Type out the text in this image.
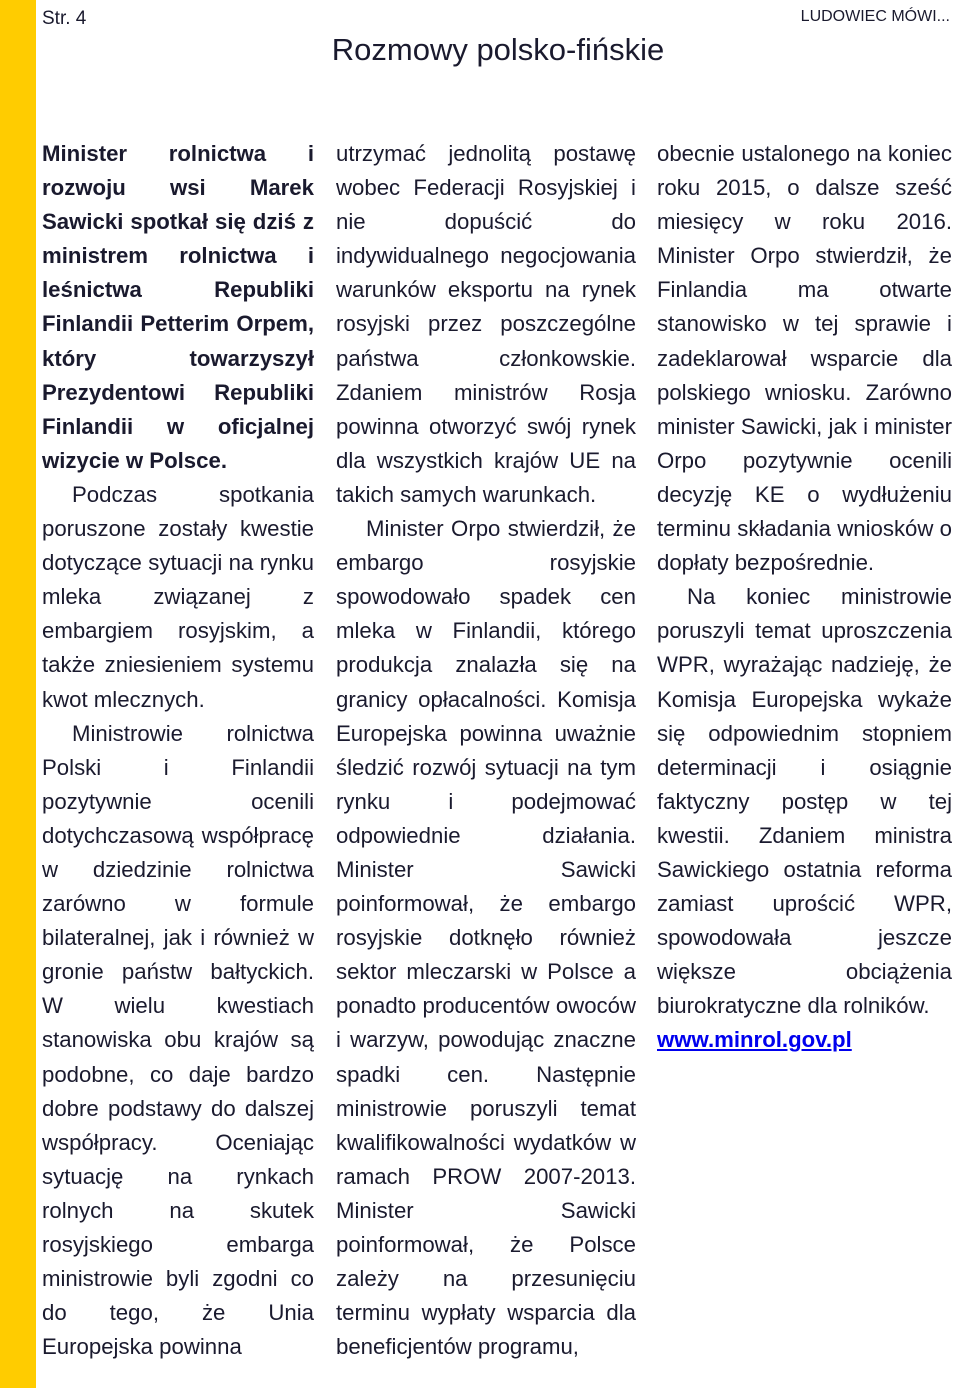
Str. 4	LUDOWIEC MÓWI...
Rozmowy polsko-fińskie

Minister rolnictwa i rozwoju wsi Marek Sawicki spotkał się dziś z ministrem rolnictwa i leśnictwa Republiki Finlandii Petterim Orpem, który towarzyszył Prezydentowi Republiki Finlandii w oficjalnej wizycie w Polsce.

Podczas spotkania poruszone zostały kwestie dotyczące sytuacji na rynku mleka związanej z embargiem rosyjskim, a także zniesieniem systemu kwot mlecznych.

Ministrowie rolnictwa Polski i Finlandii pozytywnie ocenili dotychczasową współpracę w dziedzinie rolnictwa zarówno w formule bilateralnej, jak i również w gronie państw bałtyckich. W wielu kwestiach stanowiska obu krajów są podobne, co daje bardzo dobre podstawy do dalszej współpracy. Oceniając sytuację na rynkach rolnych na skutek rosyjskiego embarga ministrowie byli zgodni co do tego, że Unia Europejska powinna

utrzymać jednolitą postawę wobec Federacji Rosyjskiej i nie dopuścić do indywidualnego negocjowania warunków eksportu na rynek rosyjski przez poszczególne państwa członkowskie. Zdaniem ministrów Rosja powinna otworzyć swój rynek dla wszystkich krajów UE na takich samych warunkach.

Minister Orpo stwierdził, że embargo rosyjskie spowodowało spadek cen mleka w Finlandii, którego produkcja znalazła się na granicy opłacalności. Komisja Europejska powinna uważnie śledzić rozwój sytuacji na tym rynku i podejmować odpowiednie działania. Minister Sawicki poinformował, że embargo rosyjskie dotknęło również sektor mleczarski w Polsce a ponadto producentów owoców i warzyw, powodując znaczne spadki cen. Następnie ministrowie poruszyli temat kwalifikowalności wydatków w ramach PROW 2007-2013. Minister Sawicki poinformował, że Polsce zależy na przesunięciu terminu wypłaty wsparcia dla beneficjentów programu,

obecnie ustalonego na koniec roku 2015, o dalsze sześć miesięcy w roku 2016. Minister Orpo stwierdził, że Finlandia ma otwarte stanowisko w tej sprawie i zadeklarował wsparcie dla polskiego wniosku. Zarówno minister Sawicki, jak i minister Orpo pozytywnie ocenili decyzję KE o wydłużeniu terminu składania wniosków o dopłaty bezpośrednie.

Na koniec ministrowie poruszyli temat uproszczenia WPR, wyrażając nadzieję, że Komisja Europejska wykaże się odpowiednim stopniem determinacji i osiągnie faktyczny postęp w tej kwestii. Zdaniem ministra Sawickiego ostatnia reforma zamiast uprościć WPR, spowodowała jeszcze większe obciążenia biurokratyczne dla rolników.

www.minrol.gov.pl
